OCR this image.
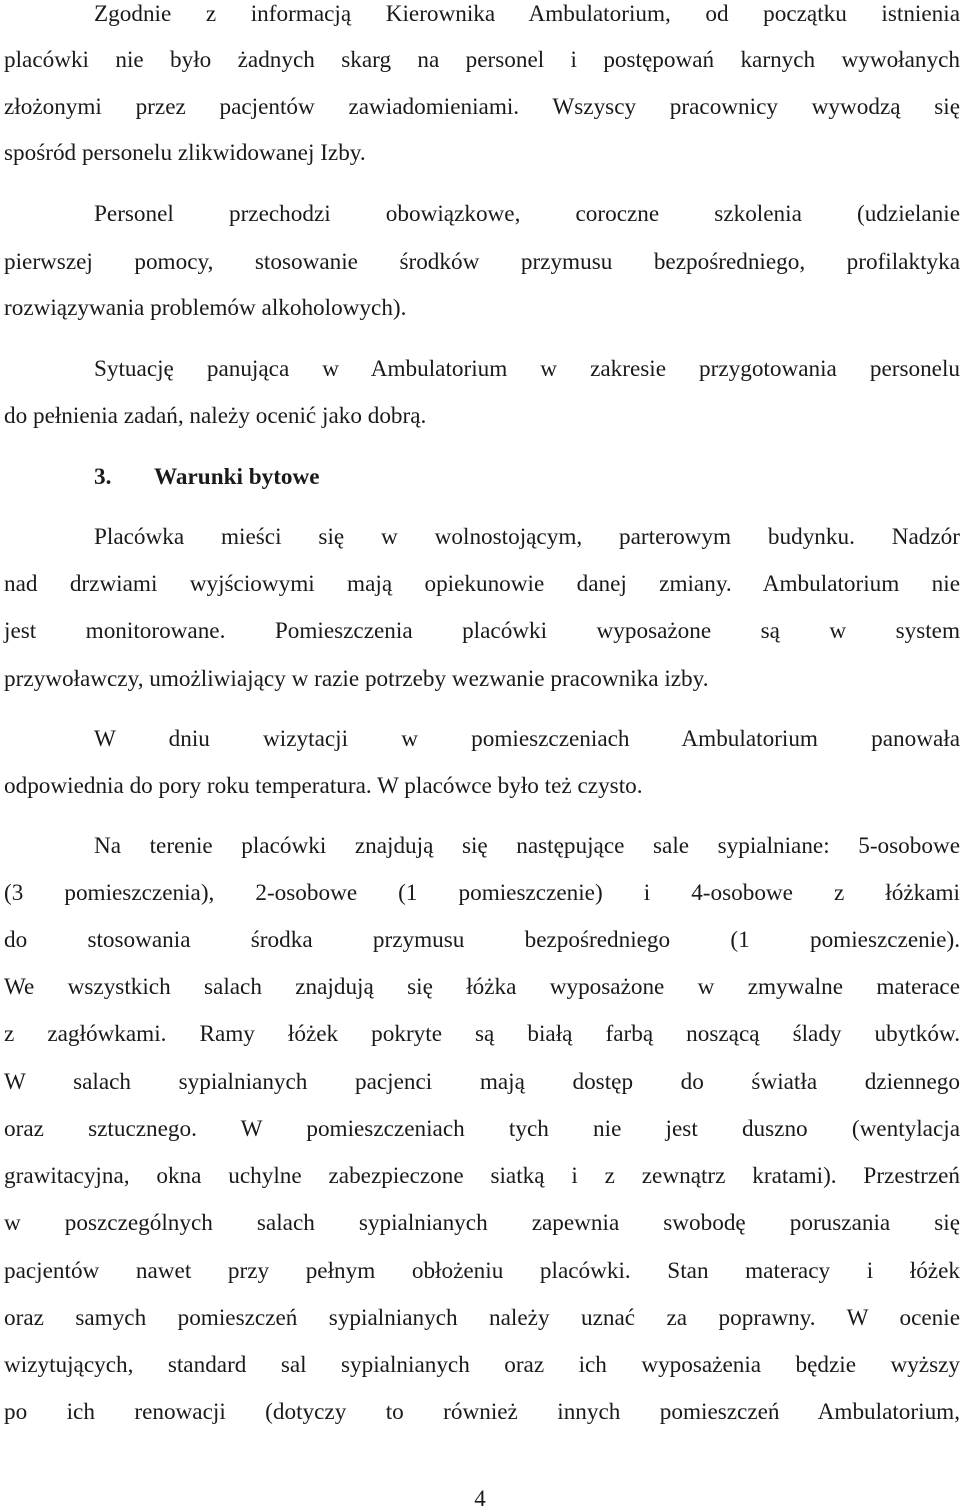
Zgodnie z informacją Kierownika Ambulatorium, od początku istnienia
placówki nie było żadnych skarg na personel i postępowań karnych wywołanych
złożonymi przez pacjentów zawiadomieniami. Wszyscy pracownicy wywodzą się
spośród personelu zlikwidowanej Izby.
Personel przechodzi obowiązkowe, coroczne szkolenia (udzielanie
pierwszej pomocy, stosowanie środków przymusu bezpośredniego, profilaktyka
rozwiązywania problemów alkoholowych).
Sytuację panująca w Ambulatorium w zakresie przygotowania personelu
do pełnienia zadań, należy ocenić jako dobrą.
3. Warunki bytowe
Placówka mieści się w wolnostojącym, parterowym budynku. Nadzór
nad drzwiami wyjściowymi mają opiekunowie danej zmiany. Ambulatorium nie
jest monitorowane. Pomieszczenia placówki wyposażone są w system
przywoławczy, umożliwiający w razie potrzeby wezwanie pracownika izby.
W dniu wizytacji w pomieszczeniach Ambulatorium panowała
odpowiednia do pory roku temperatura. W placówce było też czysto.
Na terenie placówki znajdują się następujące sale sypialniane: 5-osobowe
(3 pomieszczenia), 2-osobowe (1 pomieszczenie) i 4-osobowe z łóżkami
do stosowania środka przymusu bezpośredniego (1 pomieszczenie).
We wszystkich salach znajdują się łóżka wyposażone w zmywalne materace
z zagłówkami. Ramy łóżek pokryte są białą farbą noszącą ślady ubytków.
W salach sypialnianych pacjenci mają dostęp do światła dziennego
oraz sztucznego. W pomieszczeniach tych nie jest duszno (wentylacja
grawitacyjna, okna uchylne zabezpieczone siatką i z zewnątrz kratami). Przestrzeń
w poszczególnych salach sypialnianych zapewnia swobodę poruszania się
pacjentów nawet przy pełnym obłożeniu placówki. Stan materacy i łóżek
oraz samych pomieszczeń sypialnianych należy uznać za poprawny. W ocenie
wizytujących, standard sal sypialnianych oraz ich wyposażenia będzie wyższy
po ich renowacji (dotyczy to również innych pomieszczeń Ambulatorium,
4
